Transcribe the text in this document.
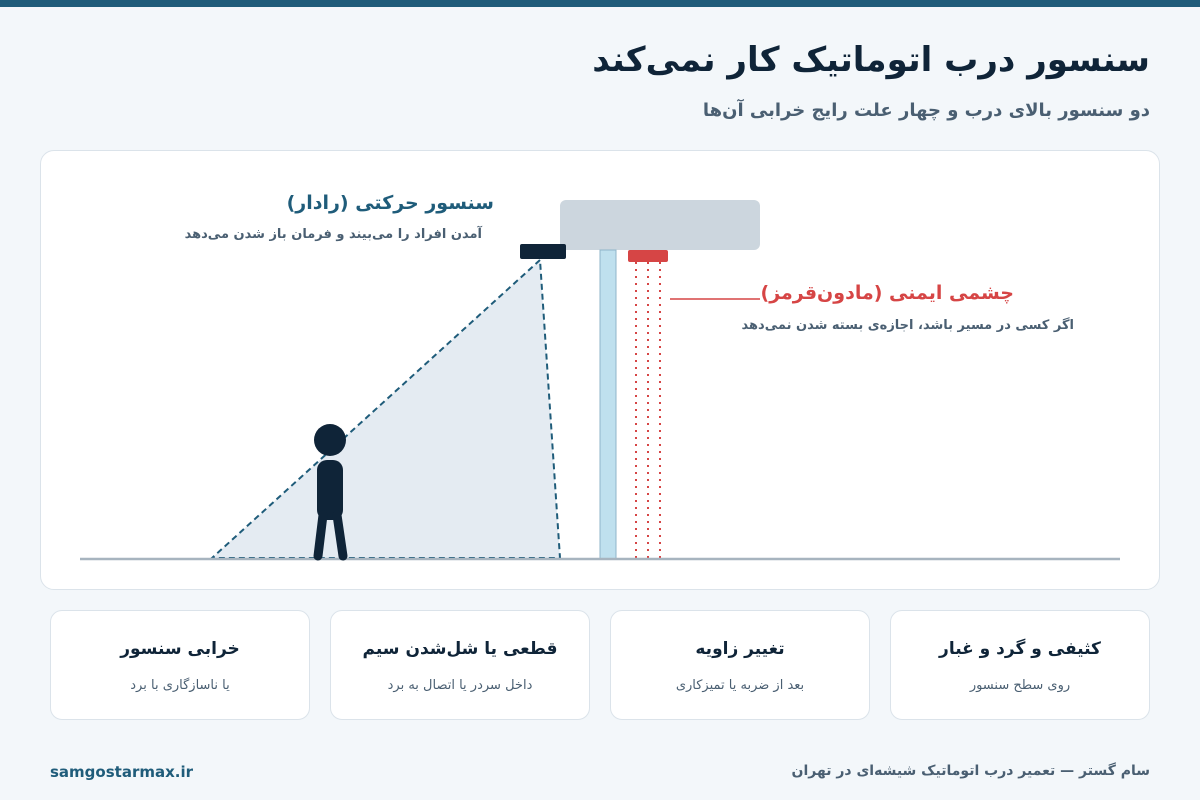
سنسور درب اتوماتیک کار نمی‌کند
دو سنسور بالای درب و چهار علت رایج خرابی آن‌ها
سنسور حرکتی (رادار)
آمدن افراد را می‌بیند و فرمان باز شدن می‌دهد
چشمی ایمنی (مادون‌قرمز)
اگر کسی در مسیر باشد، اجازه‌ی بسته شدن نمی‌دهد
کثیفی و گرد و غبار
روی سطح سنسور
تغییر زاویه
بعد از ضربه یا تمیزکاری
قطعی یا شل‌شدن سیم
داخل سردر یا اتصال به برد
خرابی سنسور
یا ناسازگاری با برد
سام گستر — تعمیر درب اتوماتیک شیشه‌ای در تهران
samgostarmax.ir
